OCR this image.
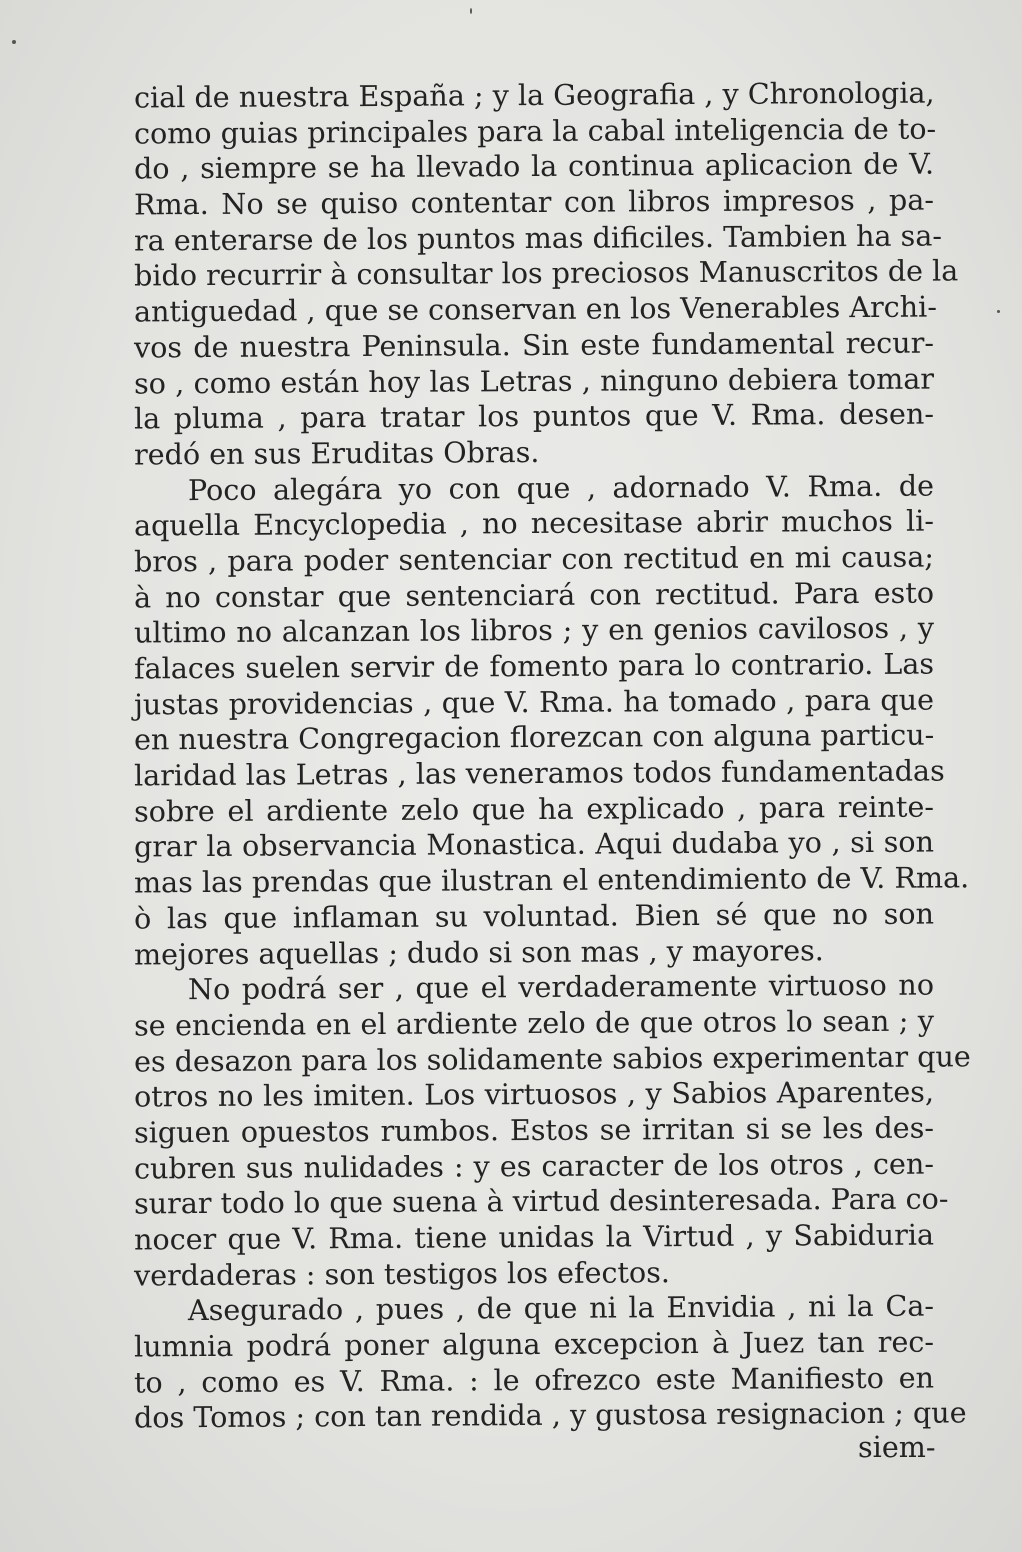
cial de nuestra España ; y la Geografia , y Chronologia,
como guias principales para la cabal inteligencia de to-
do , siempre se ha llevado la continua aplicacion de V.
Rma. No se quiso contentar con libros impresos , pa-
ra enterarse de los puntos mas dificiles. Tambien ha sa-
bido recurrir à consultar los preciosos Manuscritos de la
antiguedad , que se conservan en los Venerables Archi-
vos de nuestra Peninsula. Sin este fundamental recur-
so , como están hoy las Letras , ninguno debiera tomar
la pluma , para tratar los puntos que V. Rma. desen-
redó en sus Eruditas Obras.
Poco alegára yo con que , adornado V. Rma. de
aquella Encyclopedia , no necesitase abrir muchos li-
bros , para poder sentenciar con rectitud en mi causa;
à no constar que sentenciará con rectitud. Para esto
ultimo no alcanzan los libros ; y en genios cavilosos , y
falaces suelen servir de fomento para lo contrario. Las
justas providencias , que V. Rma. ha tomado , para que
en nuestra Congregacion florezcan con alguna particu-
laridad las Letras , las veneramos todos fundamentadas
sobre el ardiente zelo que ha explicado , para reinte-
grar la observancia Monastica. Aqui dudaba yo , si son
mas las prendas que ilustran el entendimiento de V. Rma.
ò las que inflaman su voluntad. Bien sé que no son
mejores aquellas ; dudo si son mas , y mayores.
No podrá ser , que el verdaderamente virtuoso no
se encienda en el ardiente zelo de que otros lo sean ; y
es desazon para los solidamente sabios experimentar que
otros no les imiten. Los virtuosos , y Sabios Aparentes,
siguen opuestos rumbos. Estos se irritan si se les des-
cubren sus nulidades : y es caracter de los otros , cen-
surar todo lo que suena à virtud desinteresada. Para co-
nocer que V. Rma. tiene unidas la Virtud , y Sabiduria
verdaderas : son testigos los efectos.
Asegurado , pues , de que ni la Envidia , ni la Ca-
lumnia podrá poner alguna excepcion à Juez tan rec-
to , como es V. Rma. : le ofrezco este Manifiesto en
dos Tomos ; con tan rendida , y gustosa resignacion ; que
siem-
